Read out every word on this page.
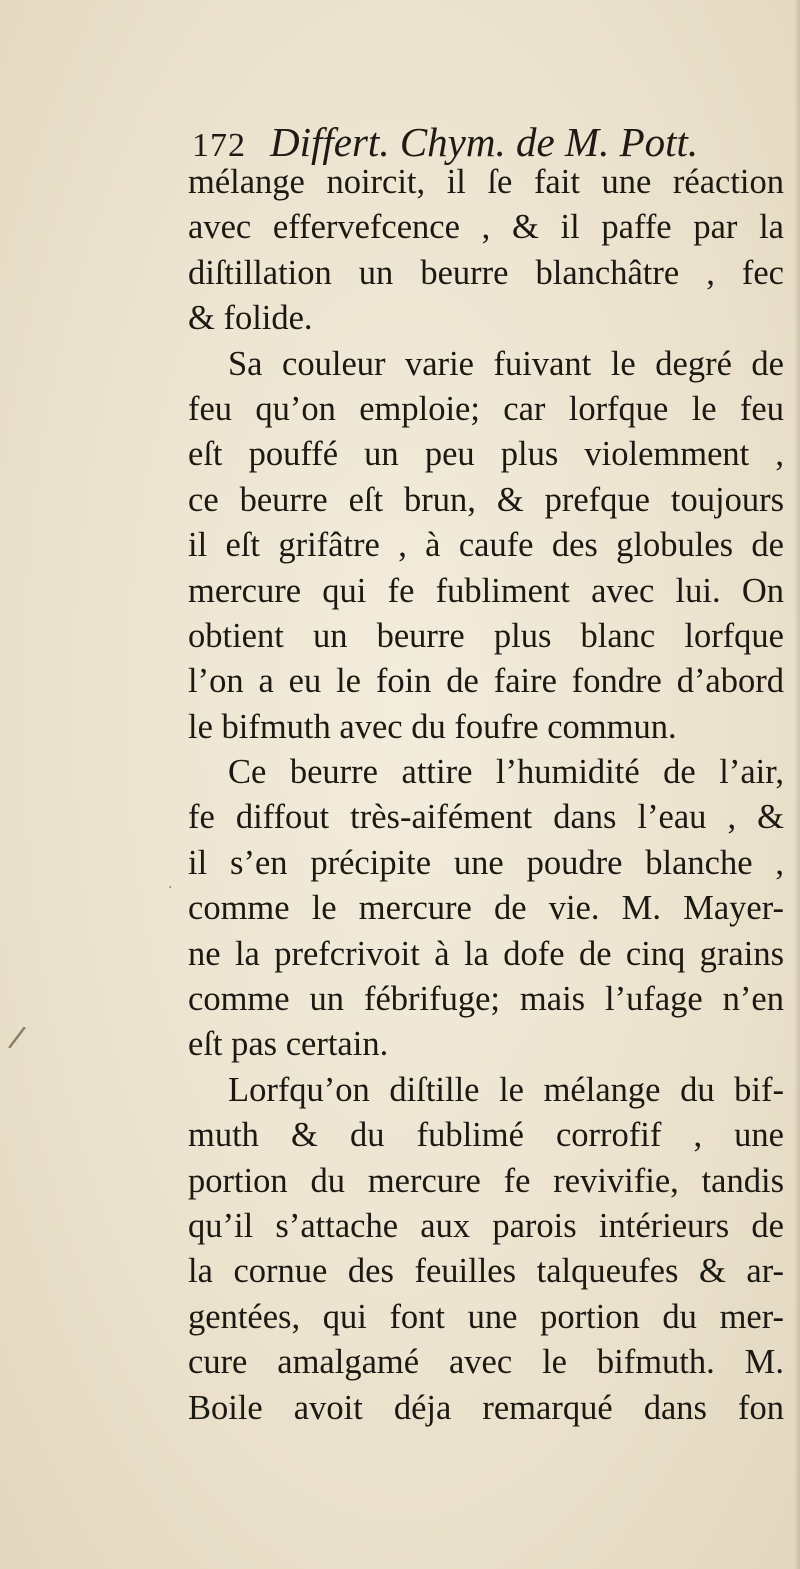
172 Differt. Chym. de M. Pott.
mélange noircit, il ſe fait une réaction
avec effervefcence , & il paffe par la
diſtillation un beurre blanchâtre , fec
& folide.
Sa couleur varie fuivant le degré de
feu qu’on emploie; car lorfque le feu
eſt pouffé un peu plus violemment ,
ce beurre eſt brun, & prefque toujours
il eſt grifâtre , à caufe des globules de
mercure qui fe fubliment avec lui. On
obtient un beurre plus blanc lorfque
l’on a eu le foin de faire fondre d’abord
le bifmuth avec du foufre commun.
Ce beurre attire l’humidité de l’air,
fe diffout très-aifément dans l’eau , &
il s’en précipite une poudre blanche ,
comme le mercure de vie. M. Mayer-
ne la prefcrivoit à la dofe de cinq grains
comme un fébrifuge; mais l’ufage n’en
eſt pas certain.
Lorfqu’on diſtille le mélange du bif-
muth & du fublimé corrofif , une
portion du mercure fe revivifie, tandis
qu’il s’attache aux parois intérieurs de
la cornue des feuilles talqueufes & ar-
gentées, qui font une portion du mer-
cure amalgamé avec le bifmuth. M.
Boile avoit déja remarqué dans fon
·
/
